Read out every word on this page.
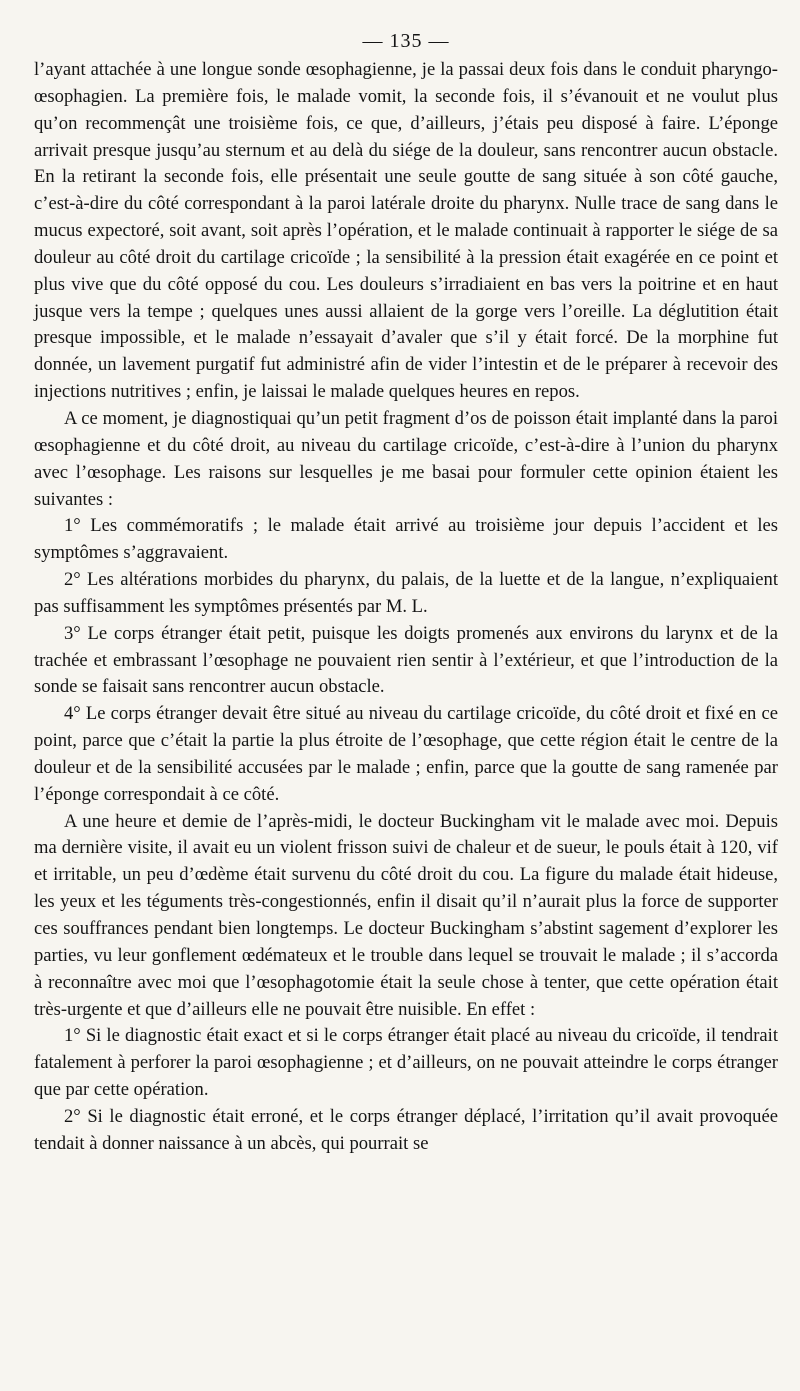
— 135 —

l’ayant attachée à une longue sonde œsophagienne, je la passai deux fois dans le conduit pharyngo-œsophagien. La première fois, le malade vomit, la seconde fois, il s’évanouit et ne voulut plus qu’on recommençât une troisième fois, ce que, d’ailleurs, j’étais peu disposé à faire. L’éponge arrivait presque jusqu’au sternum et au delà du siége de la douleur, sans rencontrer aucun obstacle. En la retirant la seconde fois, elle présentait une seule goutte de sang située à son côté gauche, c’est-à-dire du côté correspondant à la paroi latérale droite du pharynx. Nulle trace de sang dans le mucus expectoré, soit avant, soit après l’opération, et le malade continuait à rapporter le siége de sa douleur au côté droit du cartilage cricoïde ; la sensibilité à la pression était exagérée en ce point et plus vive que du côté opposé du cou. Les douleurs s’irradiaient en bas vers la poitrine et en haut jusque vers la tempe ; quelques unes aussi allaient de la gorge vers l’oreille. La déglutition était presque impossible, et le malade n’essayait d’avaler que s’il y était forcé. De la morphine fut donnée, un lavement purgatif fut administré afin de vider l’intestin et de le préparer à recevoir des injections nutritives ; enfin, je laissai le malade quelques heures en repos.

A ce moment, je diagnostiquai qu’un petit fragment d’os de poisson était implanté dans la paroi œsophagienne et du côté droit, au niveau du cartilage cricoïde, c’est-à-dire à l’union du pharynx avec l’œsophage. Les raisons sur lesquelles je me basai pour formuler cette opinion étaient les suivantes :

1° Les commémoratifs ; le malade était arrivé au troisième jour depuis l’accident et les symptômes s’aggravaient.

2° Les altérations morbides du pharynx, du palais, de la luette et de la langue, n’expliquaient pas suffisamment les symptômes présentés par M. L.

3° Le corps étranger était petit, puisque les doigts promenés aux environs du larynx et de la trachée et embrassant l’œsophage ne pouvaient rien sentir à l’extérieur, et que l’introduction de la sonde se faisait sans rencontrer aucun obstacle.

4° Le corps étranger devait être situé au niveau du cartilage cricoïde, du côté droit et fixé en ce point, parce que c’était la partie la plus étroite de l’œsophage, que cette région était le centre de la douleur et de la sensibilité accusées par le malade ; enfin, parce que la goutte de sang ramenée par l’éponge correspondait à ce côté.

A une heure et demie de l’après-midi, le docteur Buckingham vit le malade avec moi. Depuis ma dernière visite, il avait eu un violent frisson suivi de chaleur et de sueur, le pouls était à 120, vif et irritable, un peu d’œdème était survenu du côté droit du cou. La figure du malade était hideuse, les yeux et les téguments très-congestionnés, enfin il disait qu’il n’aurait plus la force de supporter ces souffrances pendant bien longtemps. Le docteur Buckingham s’abstint sagement d’explorer les parties, vu leur gonflement œdémateux et le trouble dans lequel se trouvait le malade ; il s’accorda à reconnaître avec moi que l’œsophagotomie était la seule chose à tenter, que cette opération était très-urgente et que d’ailleurs elle ne pouvait être nuisible. En effet :

1° Si le diagnostic était exact et si le corps étranger était placé au niveau du cricoïde, il tendrait fatalement à perforer la paroi œsophagienne ; et d’ailleurs, on ne pouvait atteindre le corps étranger que par cette opération.

2° Si le diagnostic était erroné, et le corps étranger déplacé, l’irritation qu’il avait provoquée tendait à donner naissance à un abcès, qui pourrait se
